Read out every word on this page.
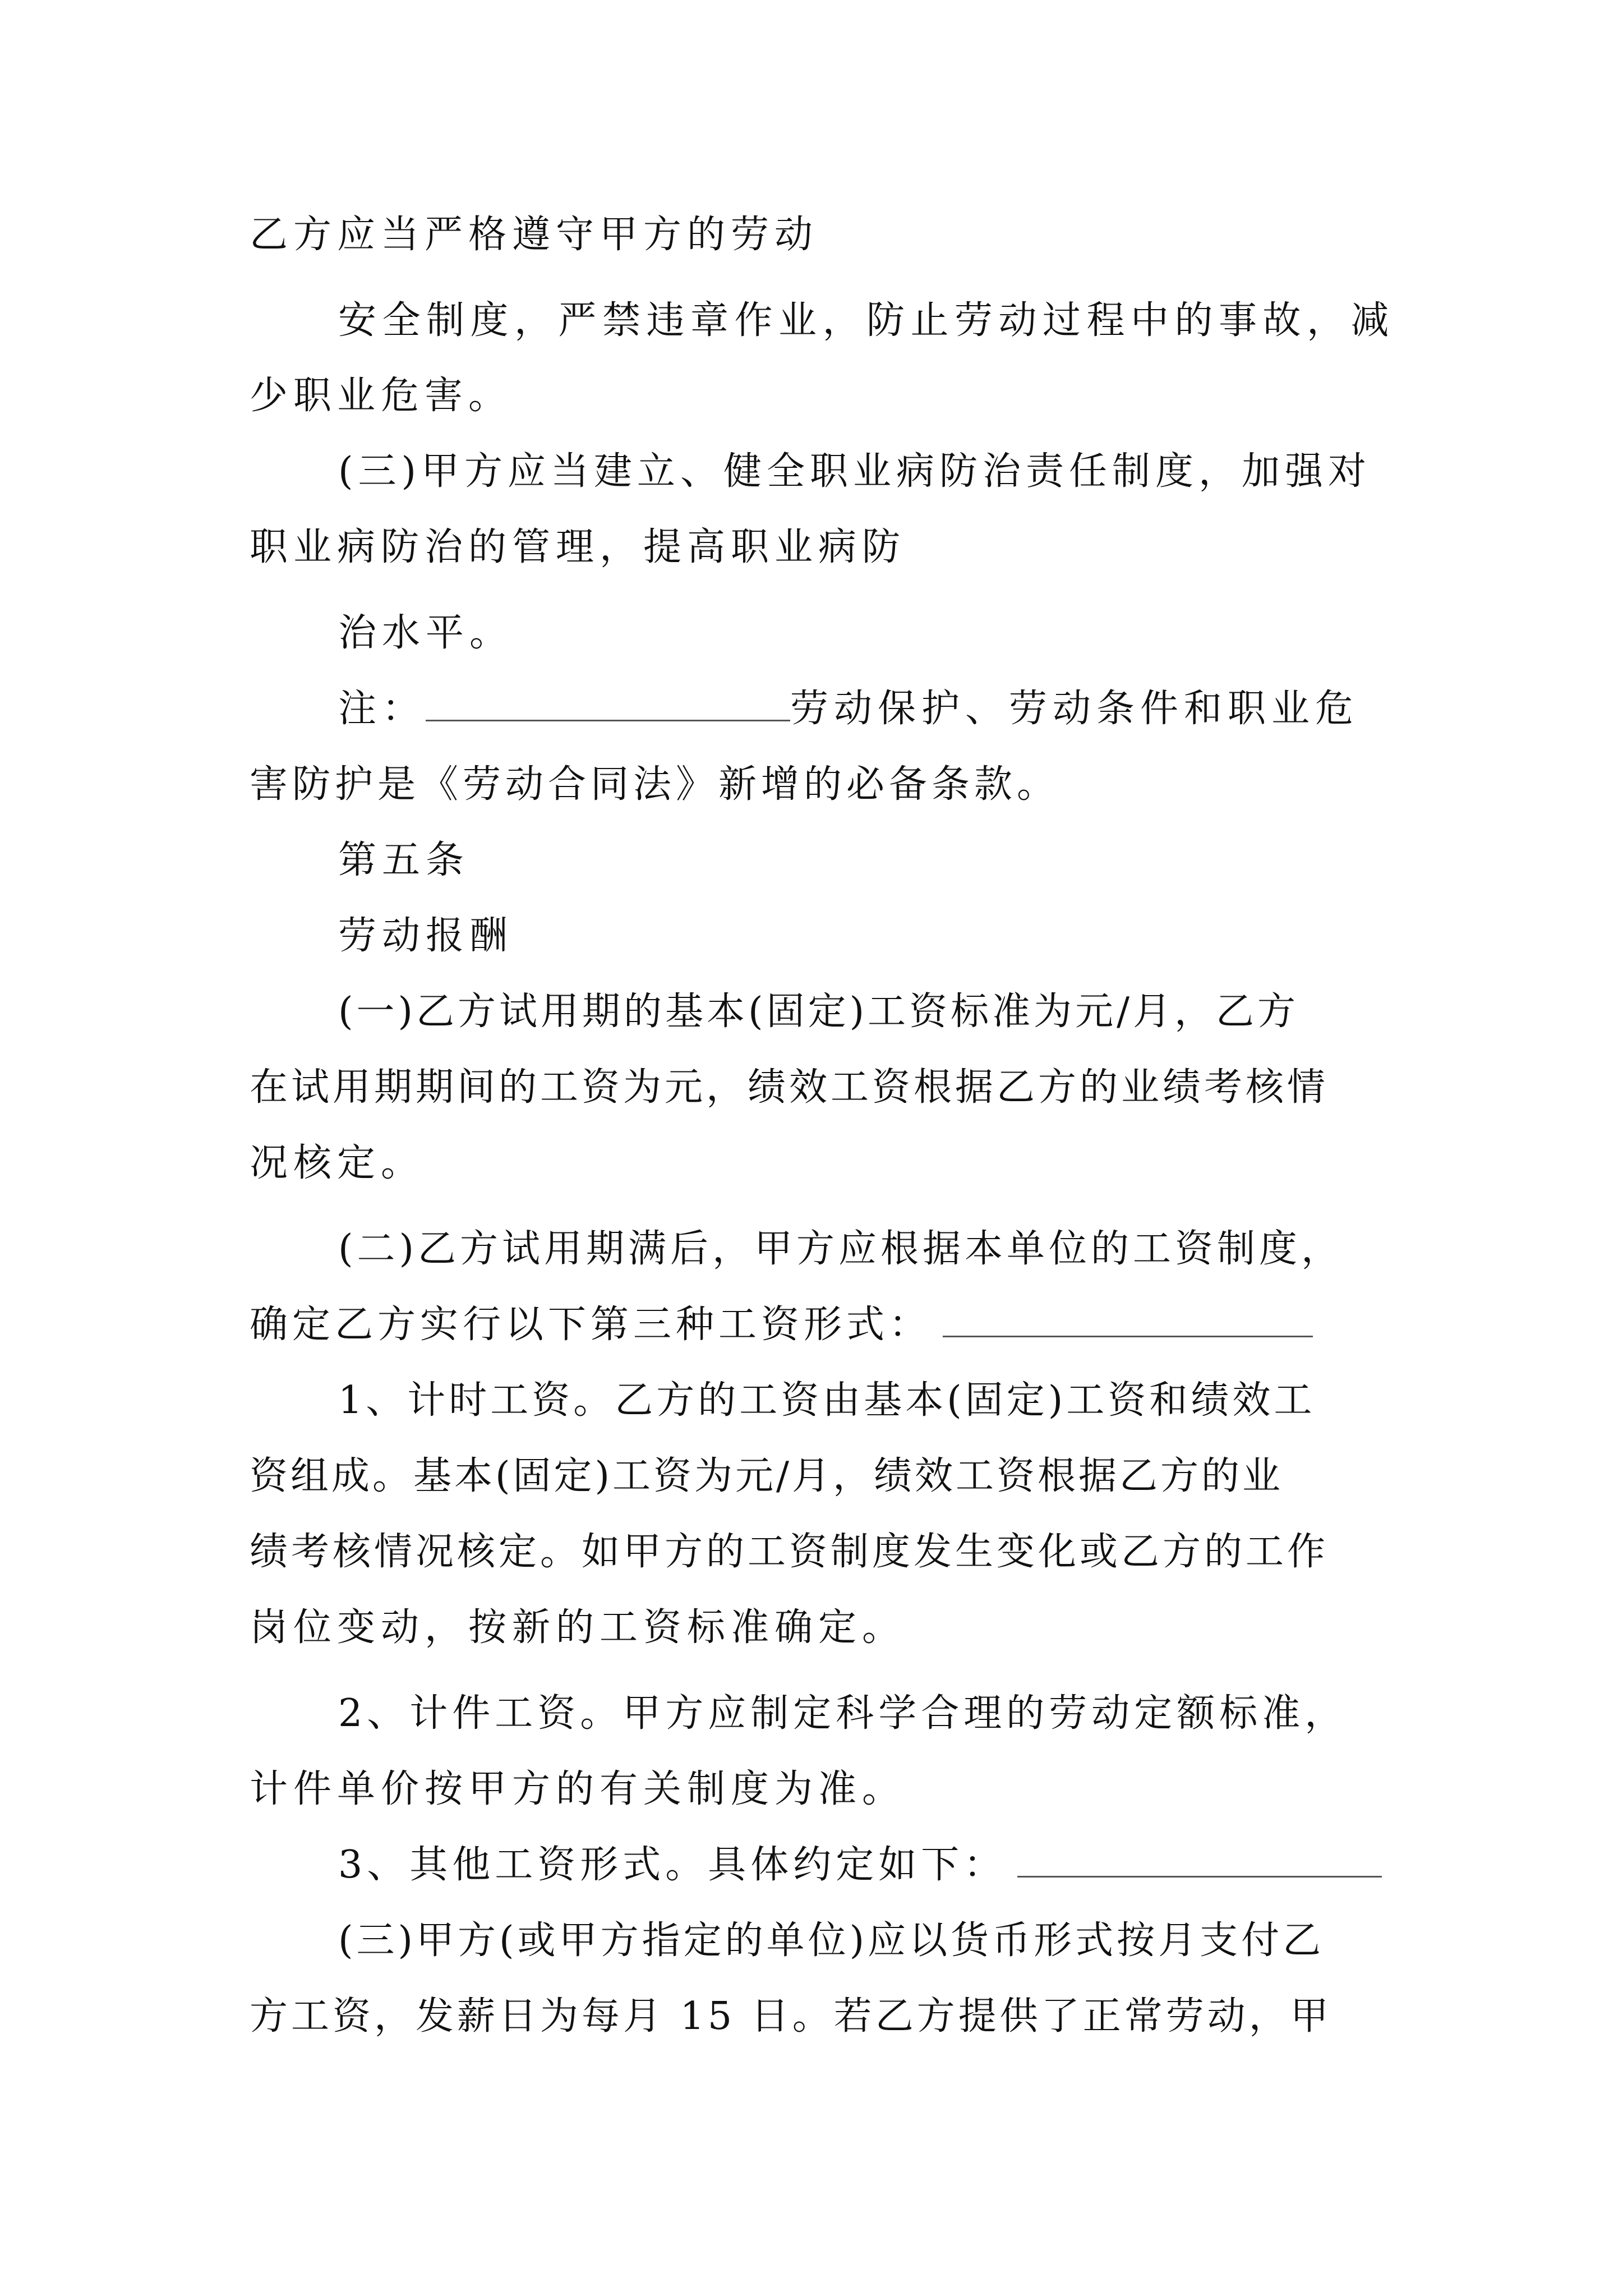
乙方应当严格遵守甲方的劳动
安全制度，严禁违章作业，防止劳动过程中的事故，减
少职业危害。
(三)甲方应当建立、健全职业病防治责任制度，加强对
职业病防治的管理，提高职业病防
治水平。
注：	劳动保护、劳动条件和职业危
害防护是《劳动合同法》新增的必备条款。
第五条
劳动报酬
(一)乙方试用期的基本(固定)工资标准为元/月，乙方
在试用期期间的工资为元，绩效工资根据乙方的业绩考核情
况核定。
(二)乙方试用期满后，甲方应根据本单位的工资制度，
确定乙方实行以下第三种工资形式：
1、计时工资。乙方的工资由基本(固定)工资和绩效工
资组成。基本(固定)工资为元/月，绩效工资根据乙方的业
绩考核情况核定。如甲方的工资制度发生变化或乙方的工作
岗位变动，按新的工资标准确定。
2、计件工资。甲方应制定科学合理的劳动定额标准，
计件单价按甲方的有关制度为准。
3、其他工资形式。具体约定如下：
(三)甲方(或甲方指定的单位)应以货币形式按月支付乙
方工资，发薪日为每月 15 日。若乙方提供了正常劳动，甲
